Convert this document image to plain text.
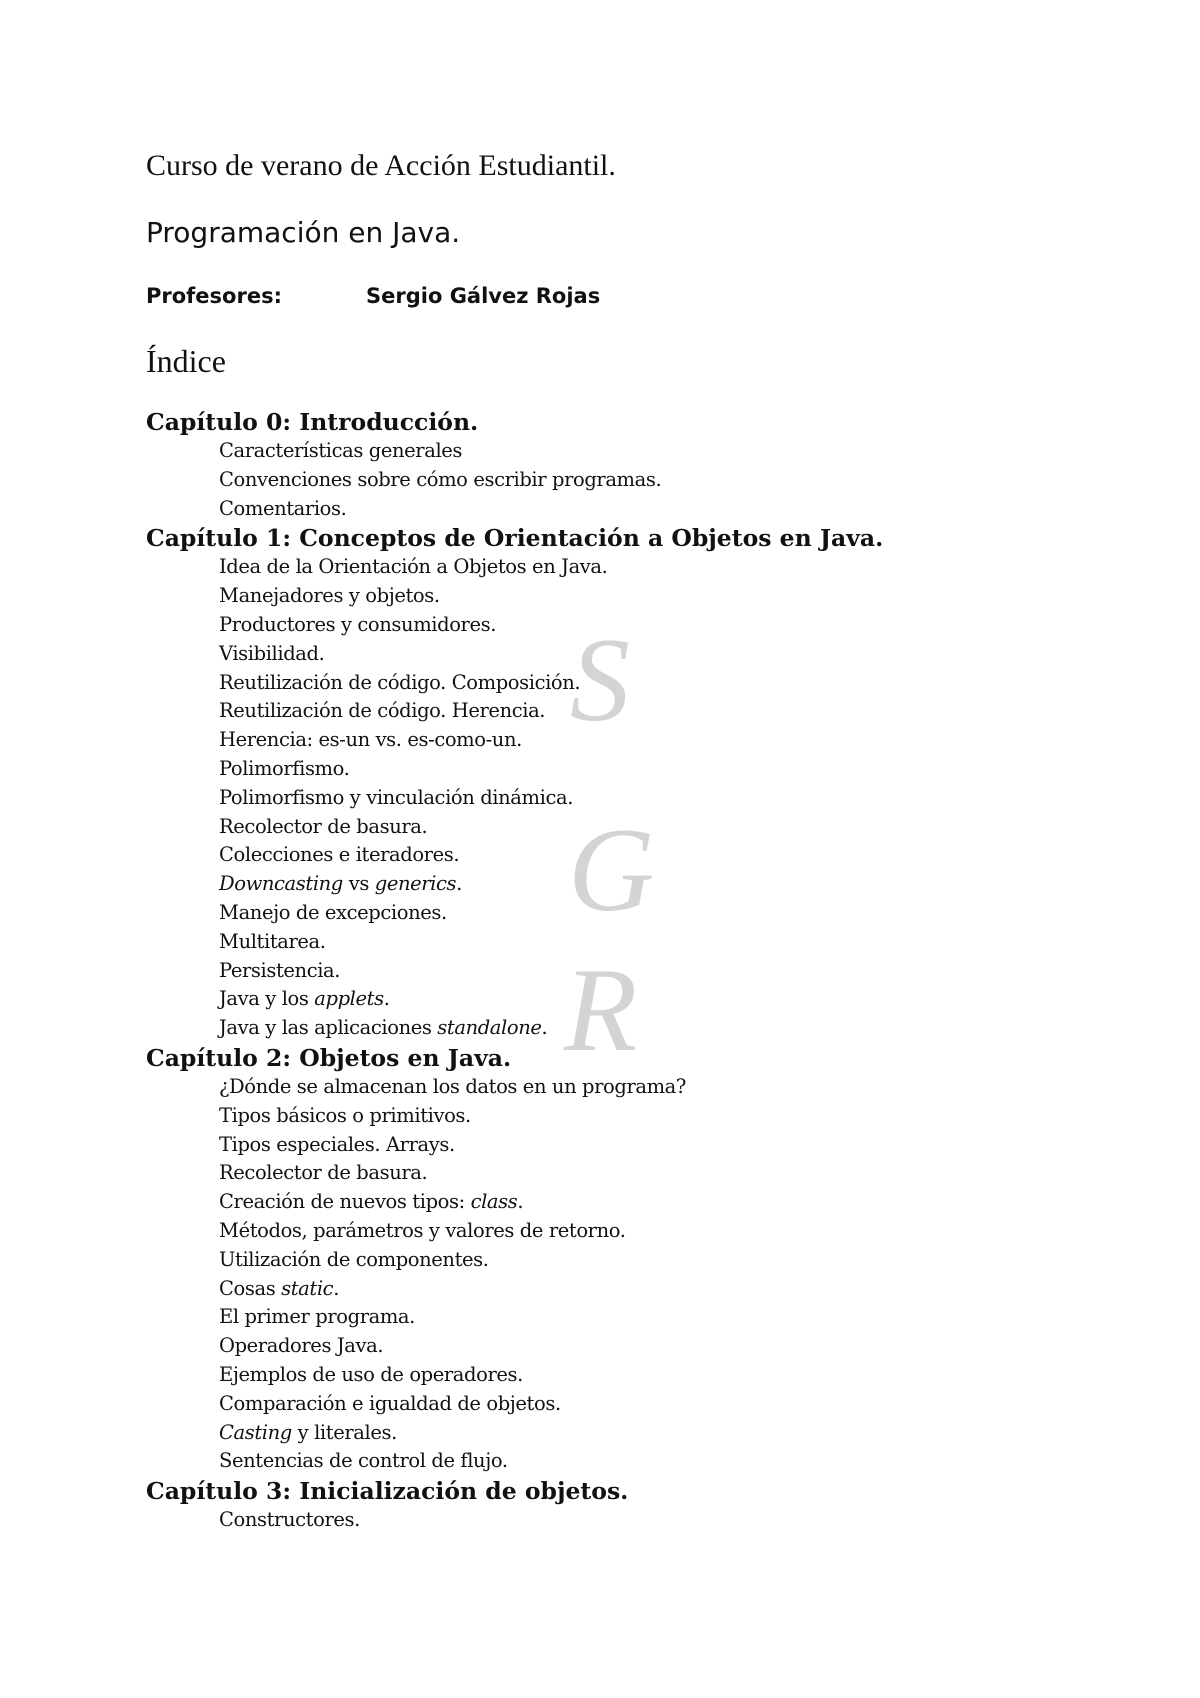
Curso de verano de Acción Estudiantil.
Programación en Java.
Profesores:	Sergio Gálvez Rojas
Índice
S
G
R
Capítulo 0: Introducción.
Características generales
Convenciones sobre cómo escribir programas.
Comentarios.
Capítulo 1: Conceptos de Orientación a Objetos en Java.
Idea de la Orientación a Objetos en Java.
Manejadores y objetos.
Productores y consumidores.
Visibilidad.
Reutilización de código. Composición.
Reutilización de código. Herencia.
Herencia: es-un vs. es-como-un.
Polimorfismo.
Polimorfismo y vinculación dinámica.
Recolector de basura.
Colecciones e iteradores.
Downcasting vs generics.
Manejo de excepciones.
Multitarea.
Persistencia.
Java y los applets.
Java y las aplicaciones standalone.
Capítulo 2: Objetos en Java.
¿Dónde se almacenan los datos en un programa?
Tipos básicos o primitivos.
Tipos especiales. Arrays.
Recolector de basura.
Creación de nuevos tipos: class.
Métodos, parámetros y valores de retorno.
Utilización de componentes.
Cosas static.
El primer programa.
Operadores Java.
Ejemplos de uso de operadores.
Comparación e igualdad de objetos.
Casting y literales.
Sentencias de control de flujo.
Capítulo 3: Inicialización de objetos.
Constructores.
